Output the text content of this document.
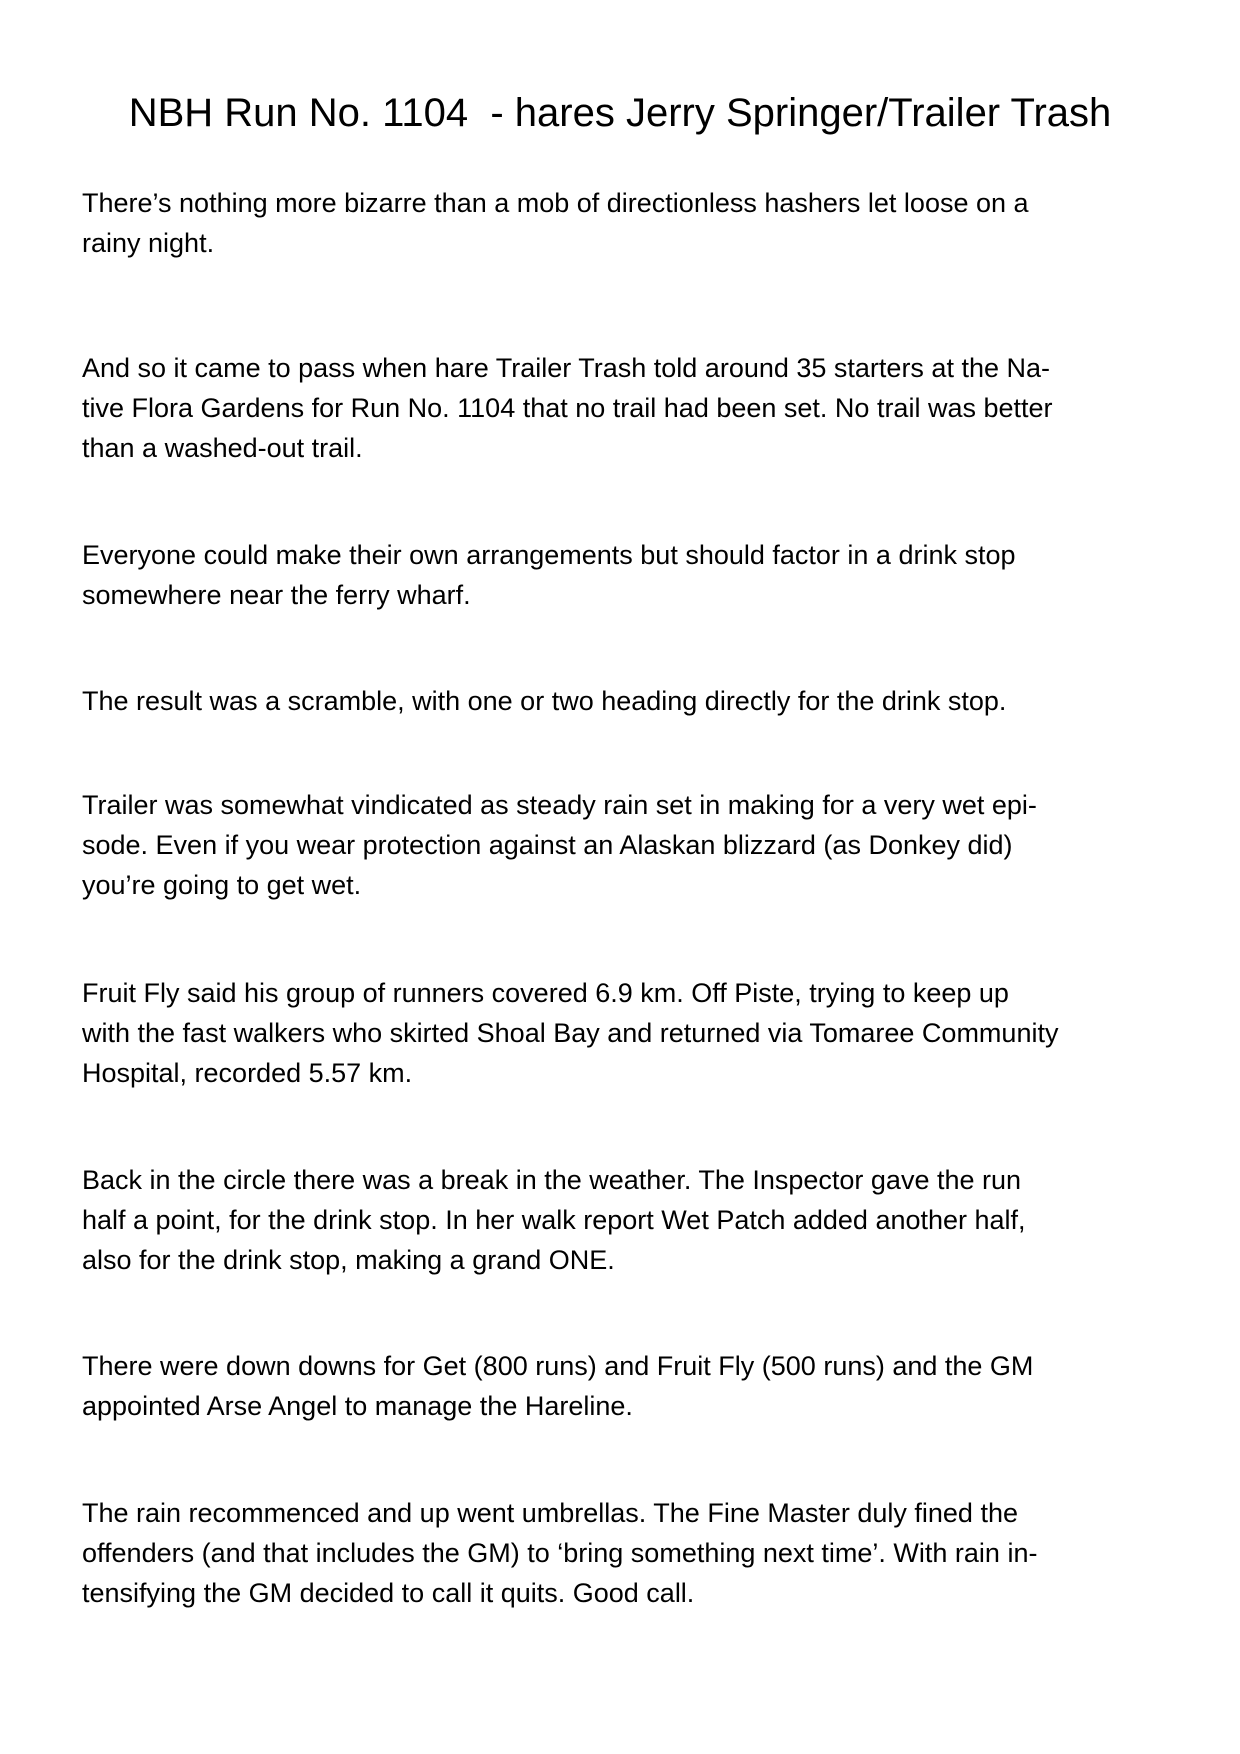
NBH Run No. 1104  - hares Jerry Springer/Trailer Trash

There’s nothing more bizarre than a mob of directionless hashers let loose on a
rainy night.

And so it came to pass when hare Trailer Trash told around 35 starters at the Na-
tive Flora Gardens for Run No. 1104 that no trail had been set. No trail was better
than a washed-out trail.

Everyone could make their own arrangements but should factor in a drink stop
somewhere near the ferry wharf.

The result was a scramble, with one or two heading directly for the drink stop.

Trailer was somewhat vindicated as steady rain set in making for a very wet epi-
sode. Even if you wear protection against an Alaskan blizzard (as Donkey did)
you’re going to get wet.

Fruit Fly said his group of runners covered 6.9 km. Off Piste, trying to keep up
with the fast walkers who skirted Shoal Bay and returned via Tomaree Community
Hospital, recorded 5.57 km.

Back in the circle there was a break in the weather. The Inspector gave the run
half a point, for the drink stop. In her walk report Wet Patch added another half,
also for the drink stop, making a grand ONE.

There were down downs for Get (800 runs) and Fruit Fly (500 runs) and the GM
appointed Arse Angel to manage the Hareline.

The rain recommenced and up went umbrellas. The Fine Master duly fined the
offenders (and that includes the GM) to ‘bring something next time’. With rain in-
tensifying the GM decided to call it quits. Good call.
